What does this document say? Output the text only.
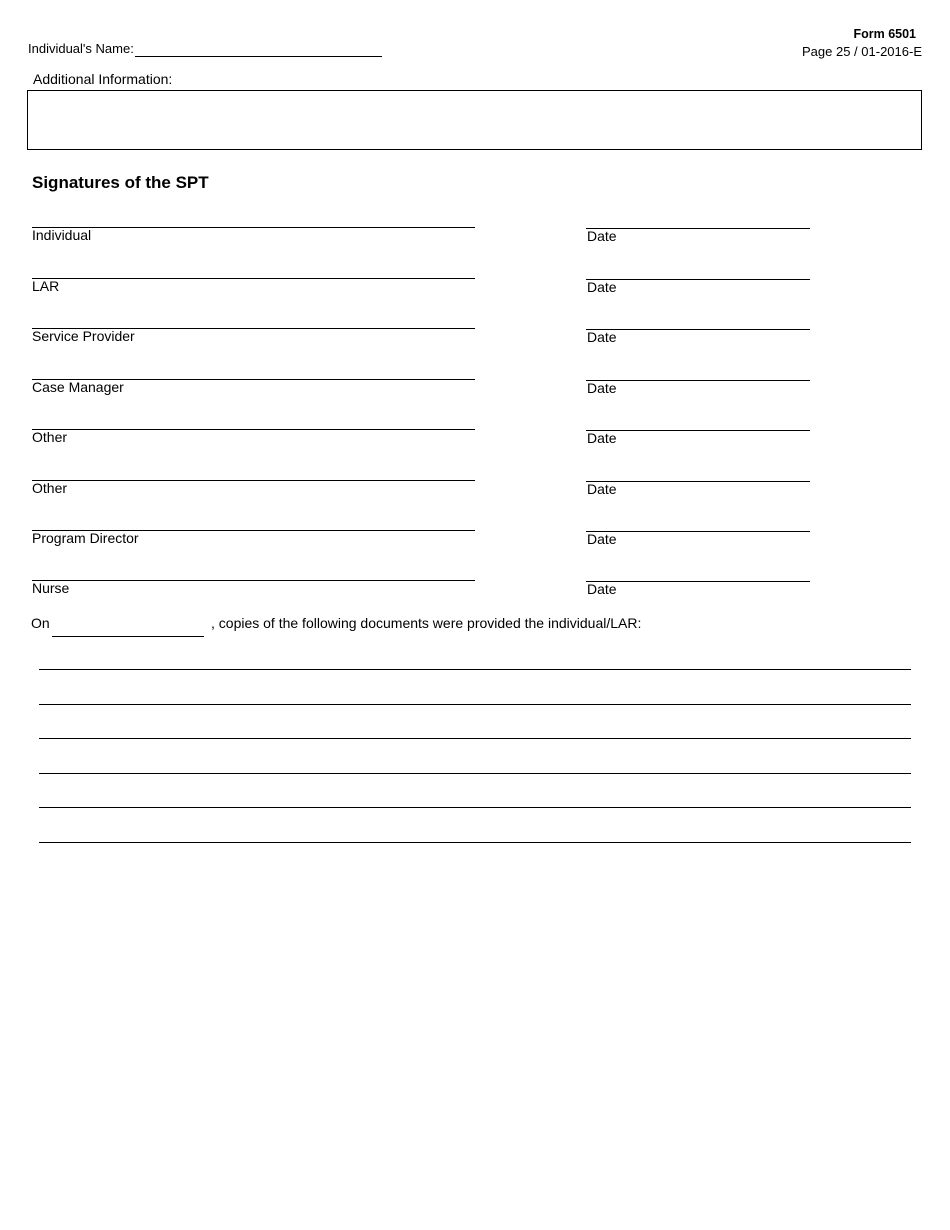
Form 6501
Page 25 / 01-2016-E
Individual's Name:
Additional Information:
Signatures of the SPT
Individual	Date
LAR	Date
Service Provider	Date
Case Manager	Date
Other	Date
Other	Date
Program Director	Date
Nurse	Date
On	, copies of the following documents were provided the individual/LAR:
